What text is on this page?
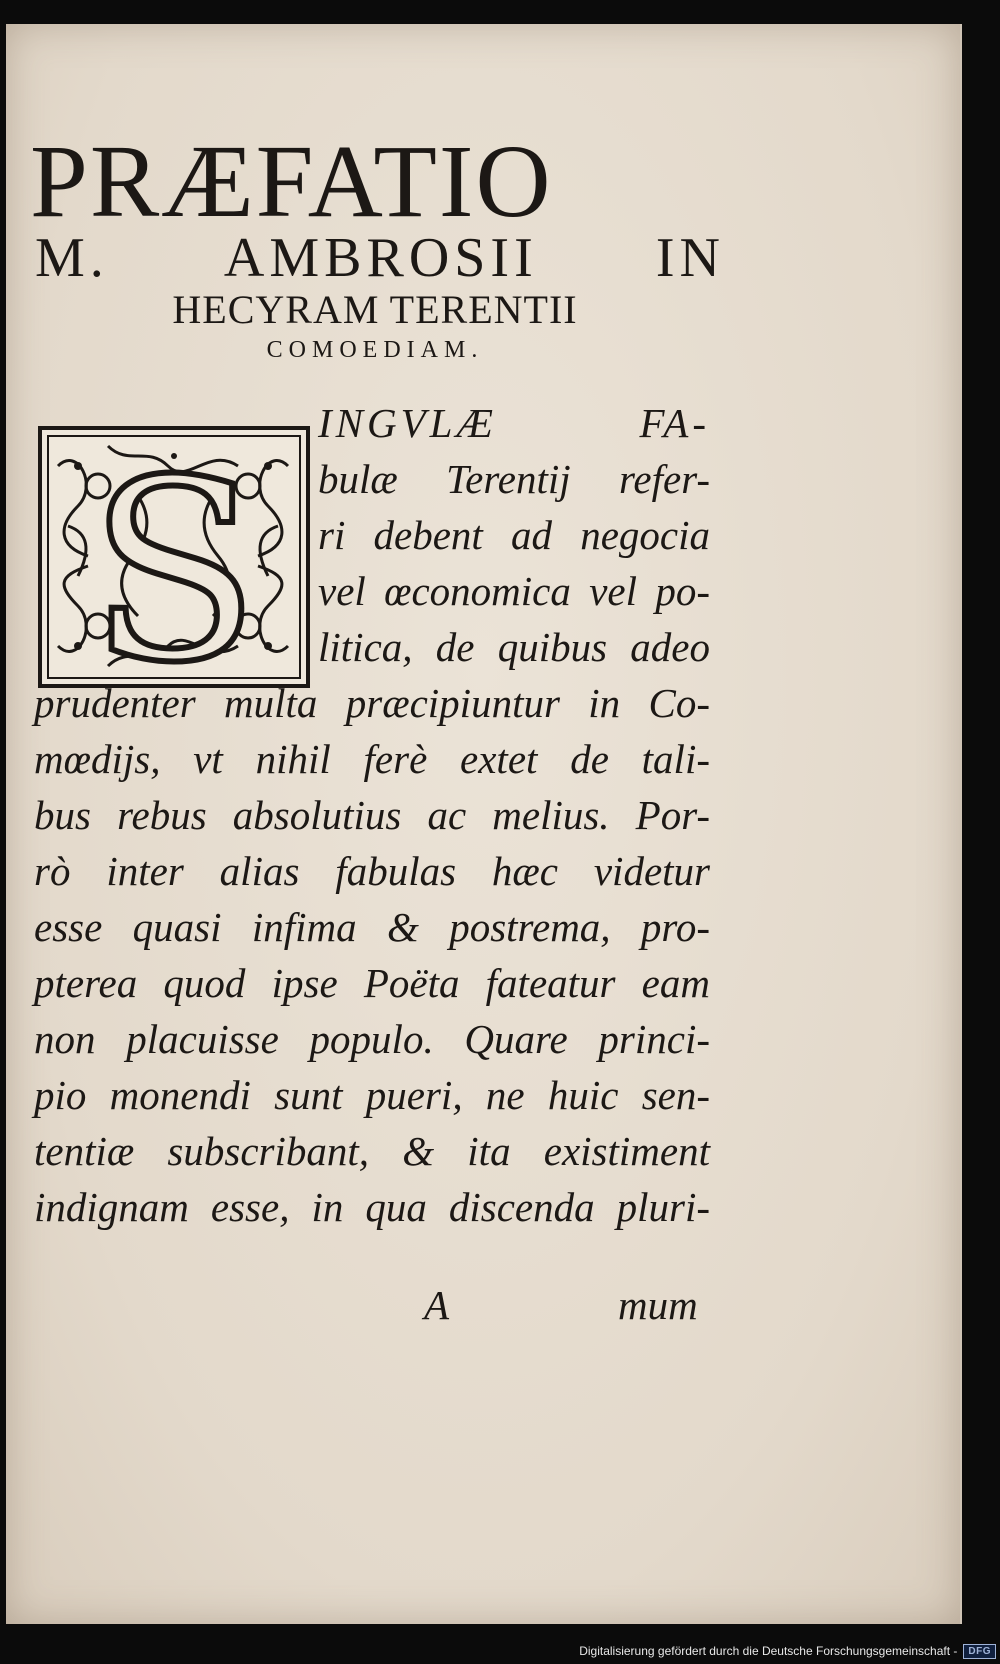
PRÆFATIO
M. AMBROSII IN
HECYRAM TERENTII
COMOEDIAM.
S
INGVLÆ FA-
bulæ Terentij refer-
ri debent ad negocia
vel œconomica vel po-
litica, de quibus adeo
prudenter multa præcipiuntur in Co-
mœdijs, vt nihil ferè extet de tali-
bus rebus absolutius ac melius. Por-
rò inter alias fabulas hæc videtur
esse quasi infima & postrema, pro-
pterea quod ipse Poëta fateatur eam
non placuisse populo. Quare princi-
pio monendi sunt pueri, ne huic sen-
tentiæ subscribant, & ita existiment
indignam esse, in qua discenda pluri-
A	mum
Digitalisierung gefördert durch die Deutsche Forschungsgemeinschaft -	DFG
